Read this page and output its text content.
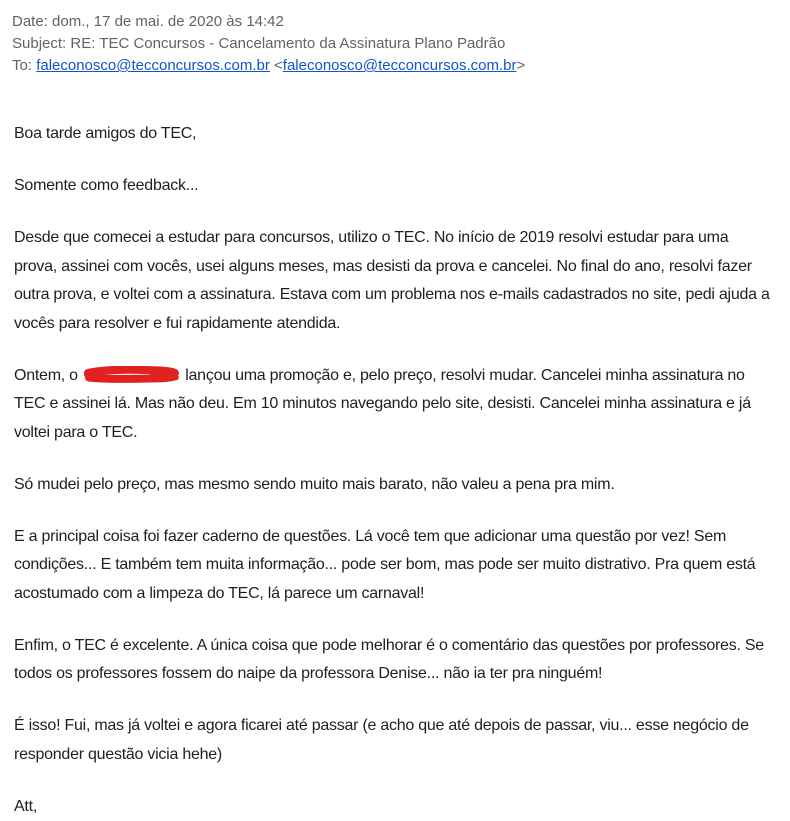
Date: dom., 17 de mai. de 2020 às 14:42
Subject: RE: TEC Concursos - Cancelamento da Assinatura Plano Padrão
To: faleconosco@tecconcursos.com.br <faleconosco@tecconcursos.com.br>

Boa tarde amigos do TEC,

Somente como feedback...

Desde que comecei a estudar para concursos, utilizo o TEC. No início de 2019 resolvi estudar para uma prova, assinei com vocês, usei alguns meses, mas desisti da prova e cancelei. No final do ano, resolvi fazer outra prova, e voltei com a assinatura. Estava com um problema nos e-mails cadastrados no site, pedi ajuda a vocês para resolver e fui rapidamente atendida.

Ontem, o	lançou uma promoção e, pelo preço, resolvi mudar. Cancelei minha assinatura no TEC e assinei lá. Mas não deu. Em 10 minutos navegando pelo site, desisti. Cancelei minha assinatura e já voltei para o TEC.

Só mudei pelo preço, mas mesmo sendo muito mais barato, não valeu a pena pra mim.

E a principal coisa foi fazer caderno de questões. Lá você tem que adicionar uma questão por vez! Sem condições... E também tem muita informação... pode ser bom, mas pode ser muito distrativo. Pra quem está acostumado com a limpeza do TEC, lá parece um carnaval!

Enfim, o TEC é excelente. A única coisa que pode melhorar é o comentário das questões por professores. Se todos os professores fossem do naipe da professora Denise... não ia ter pra ninguém!

É isso! Fui, mas já voltei e agora ficarei até passar (e acho que até depois de passar, viu... esse negócio de responder questão vicia hehe)

Att,
